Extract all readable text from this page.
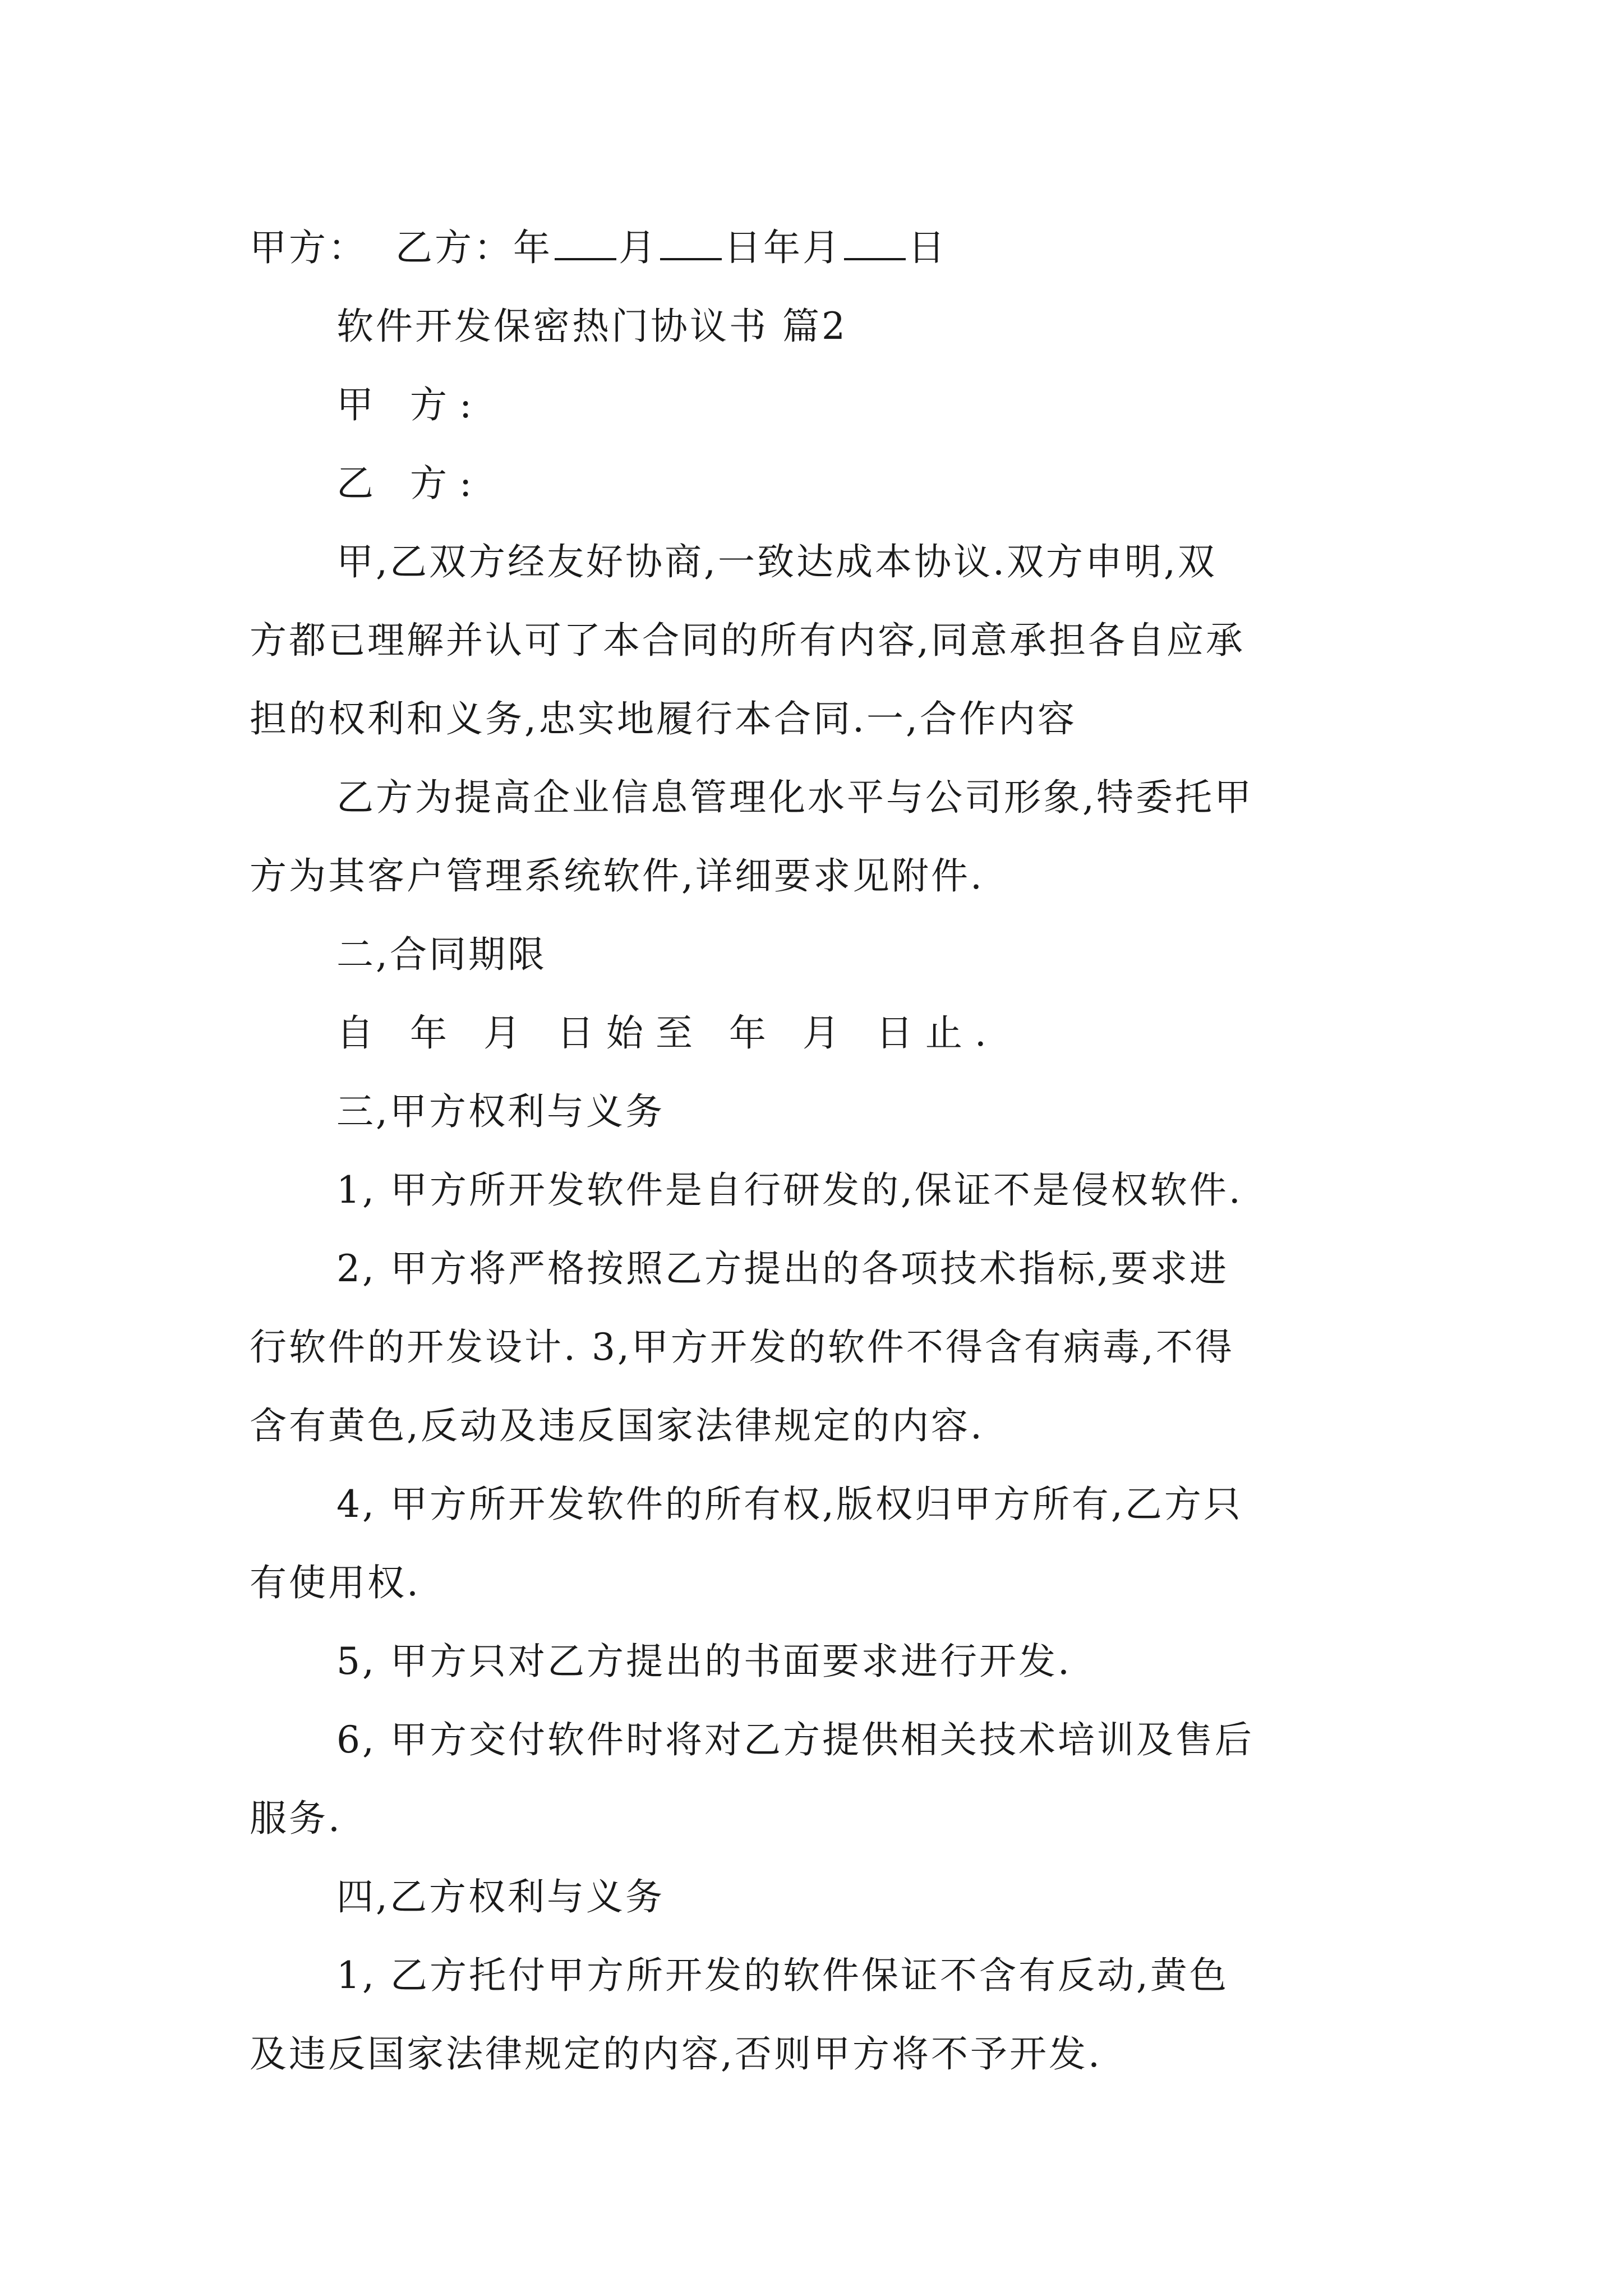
甲方： 乙方：年 月 日年月 日
软件开发保密热门协议书 篇2
甲 方:
乙 方:
甲,乙双方经友好协商,一致达成本协议.双方申明,双
方都已理解并认可了本合同的所有内容,同意承担各自应承
担的权利和义务,忠实地履行本合同.一,合作内容
乙方为提高企业信息管理化水平与公司形象,特委托甲
方为其客户管理系统软件,详细要求见附件.
二,合同期限
自 年 月 日始至 年 月 日止.
三,甲方权利与义务
1, 甲方所开发软件是自行研发的,保证不是侵权软件.
2, 甲方将严格按照乙方提出的各项技术指标,要求进
行软件的开发设计. 3,甲方开发的软件不得含有病毒,不得
含有黄色,反动及违反国家法律规定的内容.
4, 甲方所开发软件的所有权,版权归甲方所有,乙方只
有使用权.
5, 甲方只对乙方提出的书面要求进行开发.
6, 甲方交付软件时将对乙方提供相关技术培训及售后
服务.
四,乙方权利与义务
1, 乙方托付甲方所开发的软件保证不含有反动,黄色
及违反国家法律规定的内容,否则甲方将不予开发.
